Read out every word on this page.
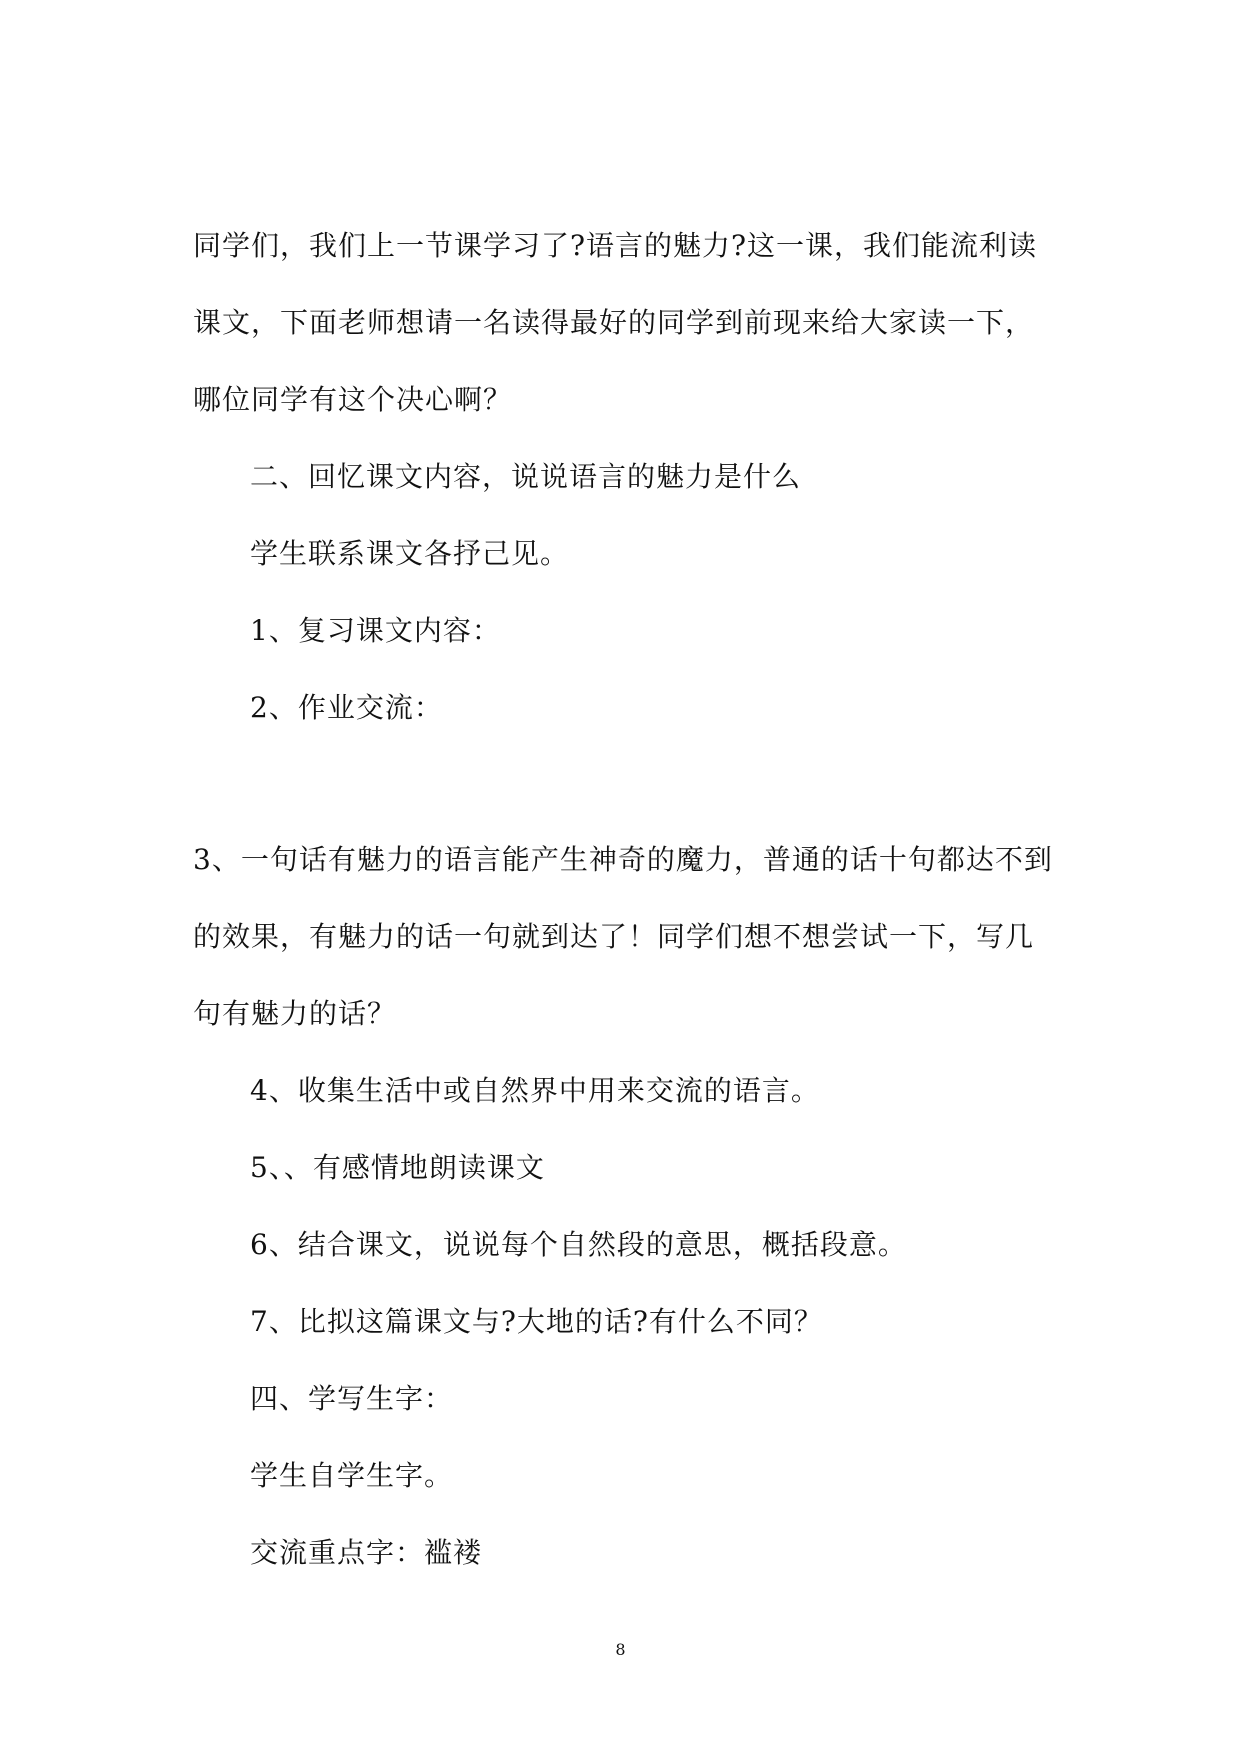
同学们，我们上一节课学习了?语言的魅力?这一课，我们能流利读
课文，下面老师想请一名读得最好的同学到前现来给大家读一下，
哪位同学有这个决心啊？
二、回忆课文内容，说说语言的魅力是什么
学生联系课文各抒己见。
1、复习课文内容：
2、作业交流：
3、一句话有魅力的语言能产生神奇的魔力，普通的话十句都达不到
的效果，有魅力的话一句就到达了！同学们想不想尝试一下，写几
句有魅力的话？
4、收集生活中或自然界中用来交流的语言。
5、、有感情地朗读课文
6、结合课文，说说每个自然段的意思，概括段意。
7、比拟这篇课文与?大地的话?有什么不同？
四、学写生字：
学生自学生字。
交流重点字：褴褛
8
